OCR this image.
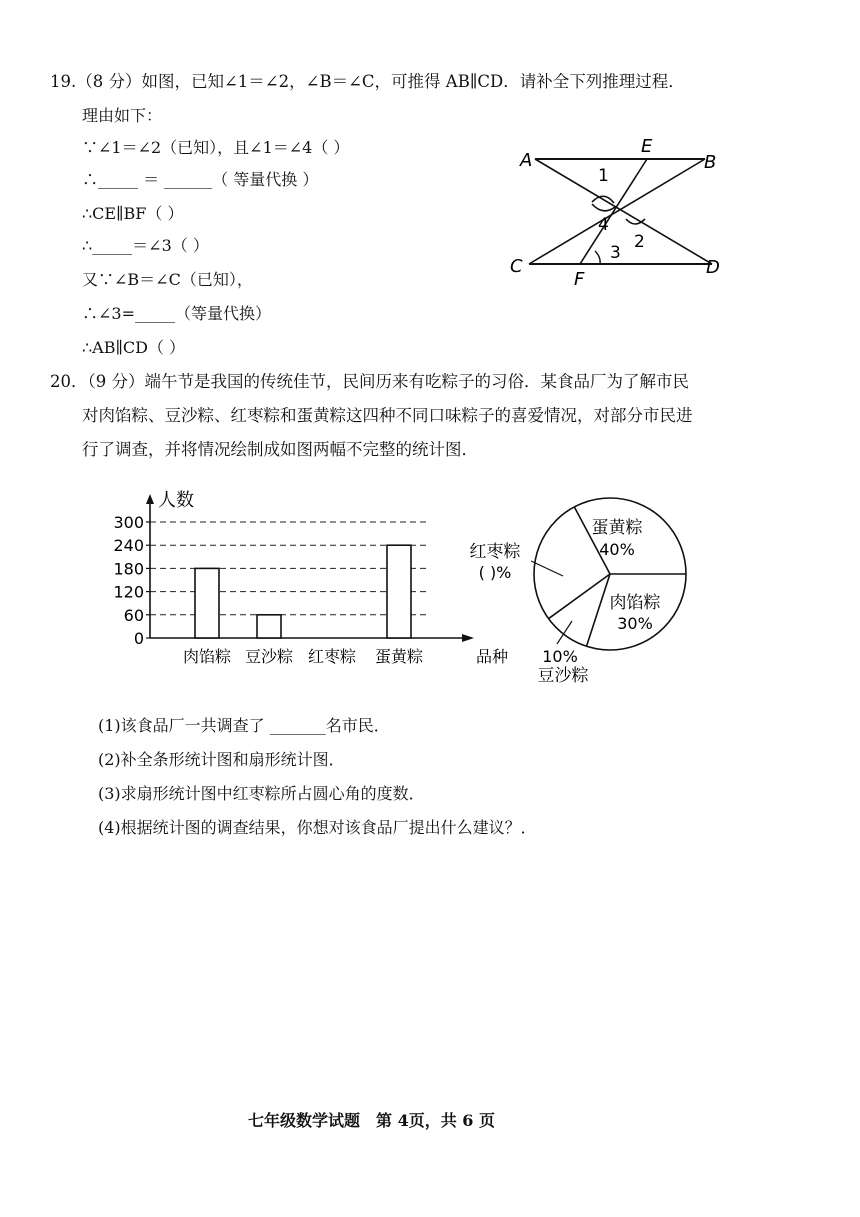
19.（8 分）如图，已知∠1＝∠2，∠B＝∠C，可推得 AB∥CD．请补全下列推理过程．
理由如下：
∵∠1＝∠2（已知），且∠1＝∠4（ ）
∴_____ ＝ ______（ 等量代换 ）
∴CE∥BF（ ）
∴_____＝∠3（ ）
又∵∠B＝∠C（已知），
∴∠3=_____（等量代换）
∴AB∥CD（ ）
A
E
B
C
F
D
1
4
2
3
20．（9 分）端午节是我国的传统佳节，民间历来有吃粽子的习俗．某食品厂为了解市民
对肉馅粽、豆沙粽、红枣粽和蛋黄粽这四种不同口味粽子的喜爱情况，对部分市民进
行了调查，并将情况绘制成如图两幅不完整的统计图．
0
60
120
180
240
300
人数
品种
肉馅粽 豆沙粽 红枣粽 蛋黄粽
蛋黄粽
40%
肉馅粽
30%
10%
豆沙粽
红枣粽
( )%
(1)该食品厂一共调查了 _______名市民．
(2)补全条形统计图和扇形统计图．
(3)求扇形统计图中红枣粽所占圆心角的度数．
(4)根据统计图的调查结果，你想对该食品厂提出什么建议？．
七年级数学试题　第 4页，共 6 页
